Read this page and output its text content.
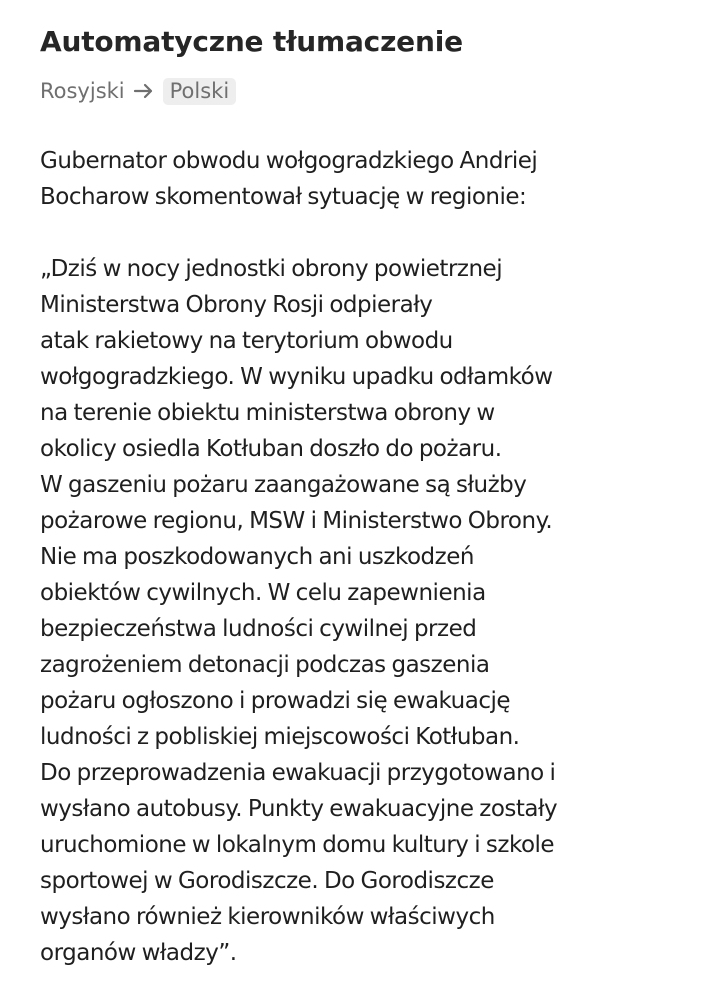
Automatyczne tłumaczenie
Rosyjski	Polski
Gubernator obwodu wołgogradzkiego Andriej
Bocharow skomentował sytuację w regionie:
„Dziś w nocy jednostki obrony powietrznej
Ministerstwa Obrony Rosji odpierały
atak rakietowy na terytorium obwodu
wołgogradzkiego. W wyniku upadku odłamków
na terenie obiektu ministerstwa obrony w
okolicy osiedla Kotłuban doszło do pożaru.
W gaszeniu pożaru zaangażowane są służby
pożarowe regionu, MSW i Ministerstwo Obrony.
Nie ma poszkodowanych ani uszkodzeń
obiektów cywilnych. W celu zapewnienia
bezpieczeństwa ludności cywilnej przed
zagrożeniem detonacji podczas gaszenia
pożaru ogłoszono i prowadzi się ewakuację
ludności z pobliskiej miejscowości Kotłuban.
Do przeprowadzenia ewakuacji przygotowano i
wysłano autobusy. Punkty ewakuacyjne zostały
uruchomione w lokalnym domu kultury i szkole
sportowej w Gorodiszcze. Do Gorodiszcze
wysłano również kierowników właściwych
organów władzy”.
